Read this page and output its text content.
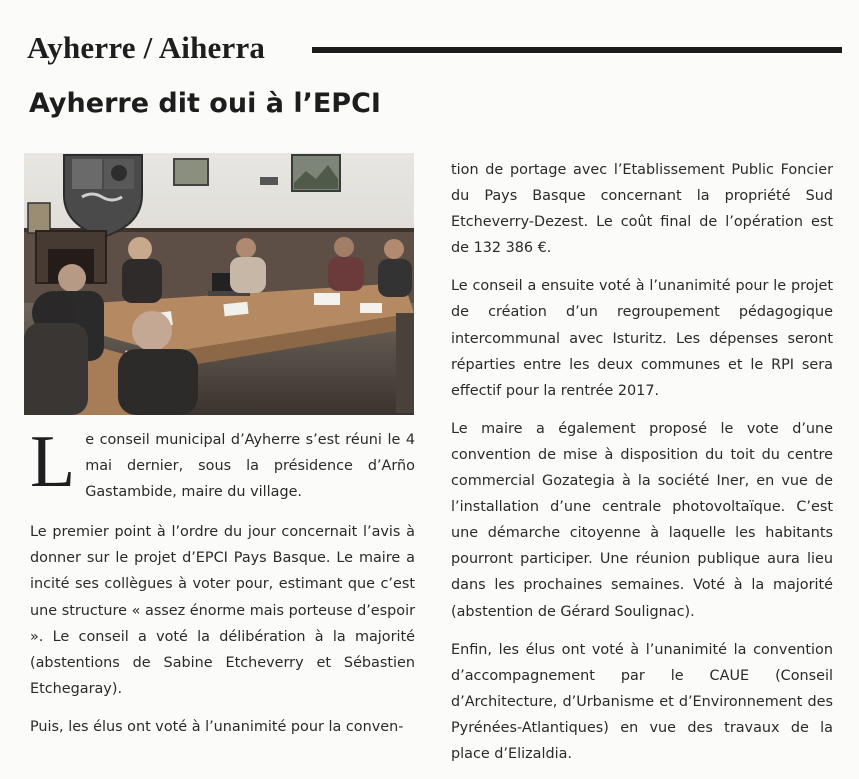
Ayherre / Aiherra
Ayherre dit oui à l’EPCI

Le conseil municipal d’Ayherre s’est réuni le 4 mai dernier, sous la présidence d’Arño Gastambide, maire du village.

Le premier point à l’ordre du jour concernait l’avis à donner sur le projet d’EPCI Pays Basque. Le maire a incité ses collègues à voter pour, estimant que c’est une structure « assez énorme mais porteuse d’espoir ». Le conseil a voté la délibération à la majorité (abstentions de Sabine Etcheverry et Sébastien Etchegaray).

Puis, les élus ont voté à l’unanimité pour la conven-

tion de portage avec l’Etablissement Public Foncier du Pays Basque concernant la propriété Sud Etcheverry-Dezest. Le coût final de l’opération est de 132 386 €.

Le conseil a ensuite voté à l’unanimité pour le projet de création d’un regroupement pédagogique intercommunal avec Isturitz. Les dépenses seront réparties entre les deux communes et le RPI sera effectif pour la rentrée 2017.

Le maire a également proposé le vote d’une convention de mise à disposition du toit du centre commercial Gozategia à la société Iner, en vue de l’installation d’une centrale photovoltaïque. C’est une démarche citoyenne à laquelle les habitants pourront participer. Une réunion publique aura lieu dans les prochaines semaines. Voté à la majorité (abstention de Gérard Soulignac).

Enfin, les élus ont voté à l’unanimité la convention d’accompagnement par le CAUE (Conseil d’Architecture, d’Urbanisme et d’Environnement des Pyrénées-Atlantiques) en vue des travaux de la place d’Elizaldia.
